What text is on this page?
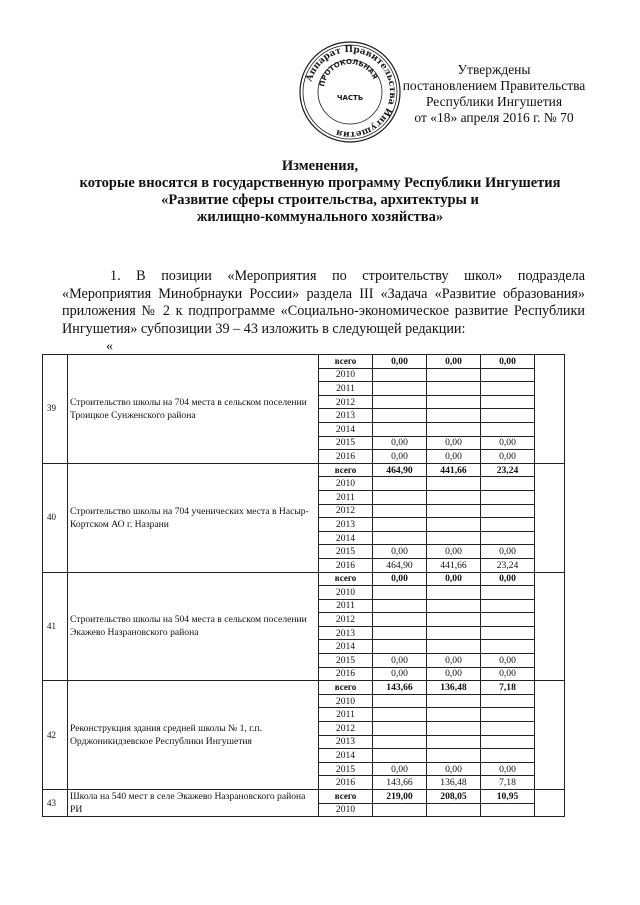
Аппарат Правительства Ингушетия
ПРОТОКОЛЬНАЯ
ЧАСТЬ
Утверждены
постановлением Правительства
Республики Ингушетия
от «18» апреля 2016 г. № 70
Изменения,
которые вносятся в государственную программу Республики Ингушетия
«Развитие сферы строительства, архитектуры и
жилищно-коммунального хозяйства»

1. В позиции «Мероприятия по строительству школ» подраздела «Мероприятия Минобрнауки России» раздела III «Задача «Развитие образования» приложения № 2 к подпрограмме «Социально-экономическое развитие Республики Ингушетия» субпозиции 39 – 43 изложить в следующей редакции:

«
39	Строительство школы на 704 места в сельском поселении Троицкое Сунженского района	всего	0,00	0,00	0,00	
		2010				
		2011				
		2012				
		2013				
		2014				
		2015	0,00	0,00	0,00	
		2016	0,00	0,00	0,00	
40	Строительство школы на 704 ученических места в Насыр-Кортском АО г. Назрани	всего	464,90	441,66	23,24	
		2010				
		2011				
		2012				
		2013				
		2014				
		2015	0,00	0,00	0,00	
		2016	464,90	441,66	23,24	
41	Строительство школы на 504 места в сельском поселении Экажево Назрановского района	всего	0,00	0,00	0,00	
		2010				
		2011				
		2012				
		2013				
		2014				
		2015	0,00	0,00	0,00	
		2016	0,00	0,00	0,00	
42	Реконструкция здания средней школы № 1, г.п. Орджоникидзевское Республики Ингушетия	всего	143,66	136,48	7,18	
		2010				
		2011				
		2012				
		2013				
		2014				
		2015	0,00	0,00	0,00	
		2016	143,66	136,48	7,18	
43	Школа на 540 мест в селе Экажево Назрановского района РИ	всего	219,00	208,05	10,95	
		2010				
